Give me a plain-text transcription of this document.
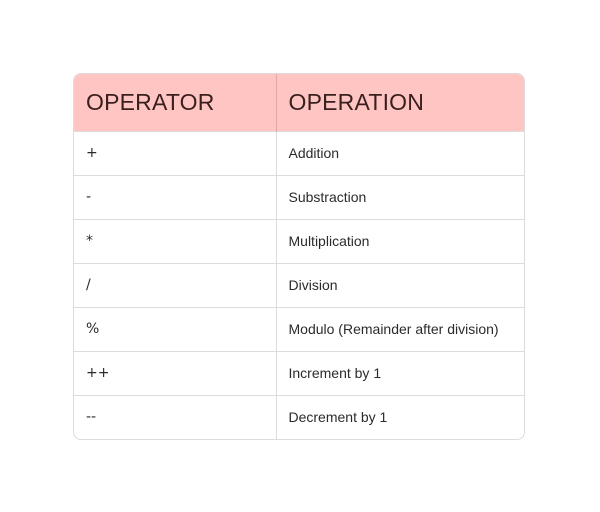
OPERATOR	OPERATION
+	Addition
-	Substraction
*	Multiplication
/	Division
%	Modulo (Remainder after division)
++	Increment by 1
--	Decrement by 1
